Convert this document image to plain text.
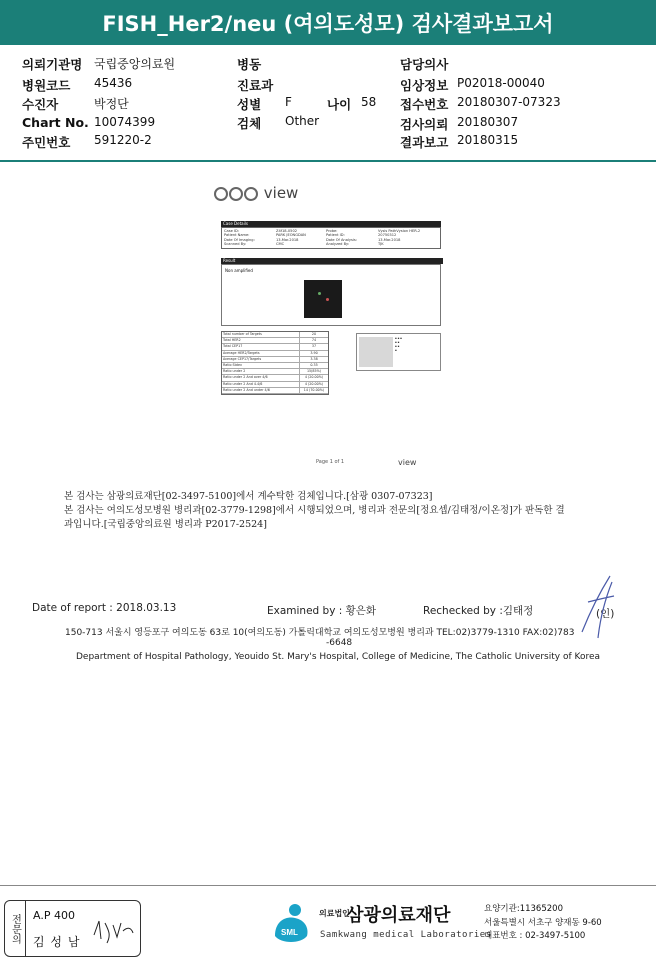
FISH_Her2/neu (여의도성모) 검사결과보고서
의뢰기관명 국립중앙의료원
병원코드 45436
수진자	박정단
Chart No. 10074399
주민번호 591220-2
병동
진료과
성별 F	나이 58
검체 Other
담당의사
임상정보 P02018-00040
접수번호 20180307-07323
검사의뢰 20180307
결과보고 20180315
view
Case Details
Case ID:	Z4f18-0502	Probe:	Vysis PathVysion HER-2
Patient Name:	PARK JEONGDAN	Patient ID:	20750312
Date Of Imaging:	13.Mar.2018	Date Of Analysis:	13.Mar.2018
Scanned By:	CMC	Analyzed By:	TJK
Result
Non amplified
Total number of Targets	20
Total HER2	74
Total CEP17	37
Average HER2/Targets	3.90
Average CEP17/Targets	3.38
Ratio Stdev	0.35
Ratio under 2	15(85%)
Ratio under 2 And over 4/6	4 (20.00%)
Ratio under 2 And 4.4/6	4 (20.00%)
Ratio under 2 And under 4/6	14 (70.00%)
▪ ▪ ▪
▪ ▪
▪ ▪
▪
Page 1 of 1	view
본 검사는 삼광의료재단[02-3497-5100]에서 계수탁한 검체입니다.[삼광 0307-07323]
본 검사는 여의도성모병원 병리과[02-3779-1298]에서 시행되었으며, 병리과 전문의[정요셉/김태정/이온정]가 판독한 결
과입니다.[국립중앙의료원 병리과 P2017-2524]
Date of report : 2018.03.13	Examined by : 황은화	Rechecked by :김태정	(인)
150-713 서울시 영등포구 여의도동 63로 10(여의도동) 가톨릭대학교 여의도성모병원 병리과 TEL:02)3779-1310 FAX:02)783
-6648
Department of Hospital Pathology, Yeouido St. Mary's Hospital, College of Medicine, The Catholic University of Korea
전문의	A.P 400
김 성 남
SML
의료법인 삼광의료재단
Samkwang medical Laboratories
요양기관:11365200
서울특별시 서초구 양재동 9-60
대표번호 : 02-3497-5100
